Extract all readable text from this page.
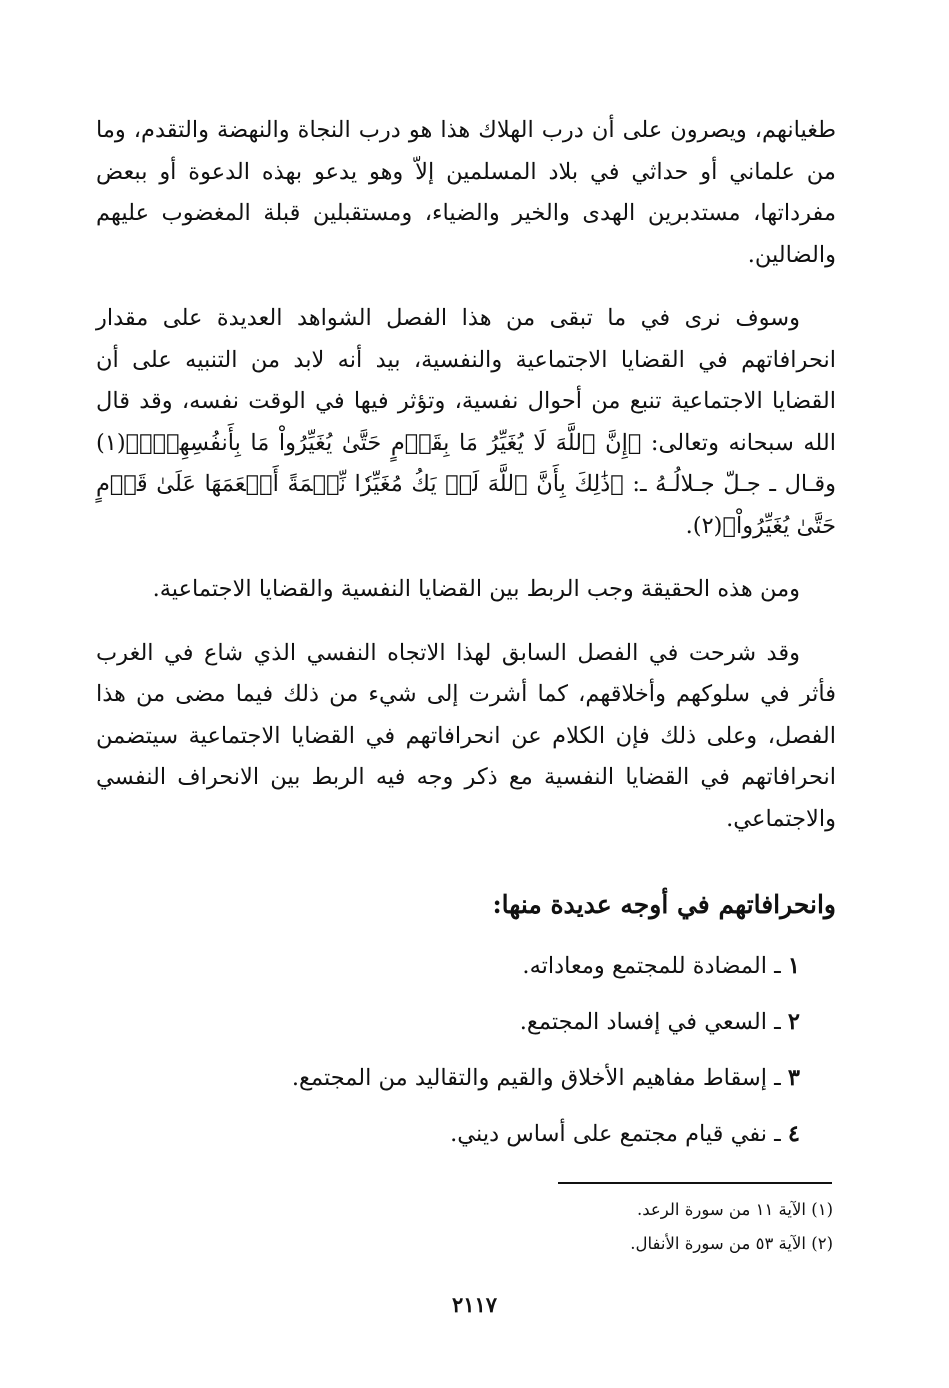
طغيانهم، ويصرون على أن درب الهلاك هذا هو درب النجاة والنهضة والتقدم، وما من علماني أو حداثي في بلاد المسلمين إلاّ وهو يدعو بهذه الدعوة أو ببعض مفرداتها، مستدبرين الهدى والخير والضياء، ومستقبلين قبلة المغضوب عليهم والضالين.

وسوف نرى في ما تبقى من هذا الفصل الشواهد العديدة على مقدار انحرافاتهم في القضايا الاجتماعية والنفسية، بيد أنه لابد من التنبيه على أن القضايا الاجتماعية تنبع من أحوال نفسية، وتؤثر فيها في الوقت نفسه، وقد قال الله سبحانه وتعالى: ﴿إِنَّ ٱللَّهَ لَا يُغَيِّرُ مَا بِقَوۡمٍ حَتَّىٰ يُغَيِّرُواْ مَا بِأَنفُسِهِمۡۗ﴾(١) وقـال ـ جـلّ جـلالُـهُ ـ: ﴿ذَٰلِكَ بِأَنَّ ٱللَّهَ لَمۡ يَكُ مُغَيِّرٗا نِّعۡمَةً أَنۡعَمَهَا عَلَىٰ قَوۡمٍ حَتَّىٰ يُغَيِّرُواْ﴾(٢).

ومن هذه الحقيقة وجب الربط بين القضايا النفسية والقضايا الاجتماعية.

وقد شرحت في الفصل السابق لهذا الاتجاه النفسي الذي شاع في الغرب فأثر في سلوكهم وأخلاقهم، كما أشرت إلى شيء من ذلك فيما مضى من هذا الفصل، وعلى ذلك فإن الكلام عن انحرافاتهم في القضايا الاجتماعية سيتضمن انحرافاتهم في القضايا النفسية مع ذكر وجه فيه الربط بين الانحراف النفسي والاجتماعي.

وانحرافاتهم في أوجه عديدة منها:
١ ـ المضادة للمجتمع ومعاداته.
٢ ـ السعي في إفساد المجتمع.
٣ ـ إسقاط مفاهيم الأخلاق والقيم والتقاليد من المجتمع.
٤ ـ نفي قيام مجتمع على أساس ديني.
(١) الآية ١١ من سورة الرعد.
(٢) الآية ٥٣ من سورة الأنفال.
٢١١٧
